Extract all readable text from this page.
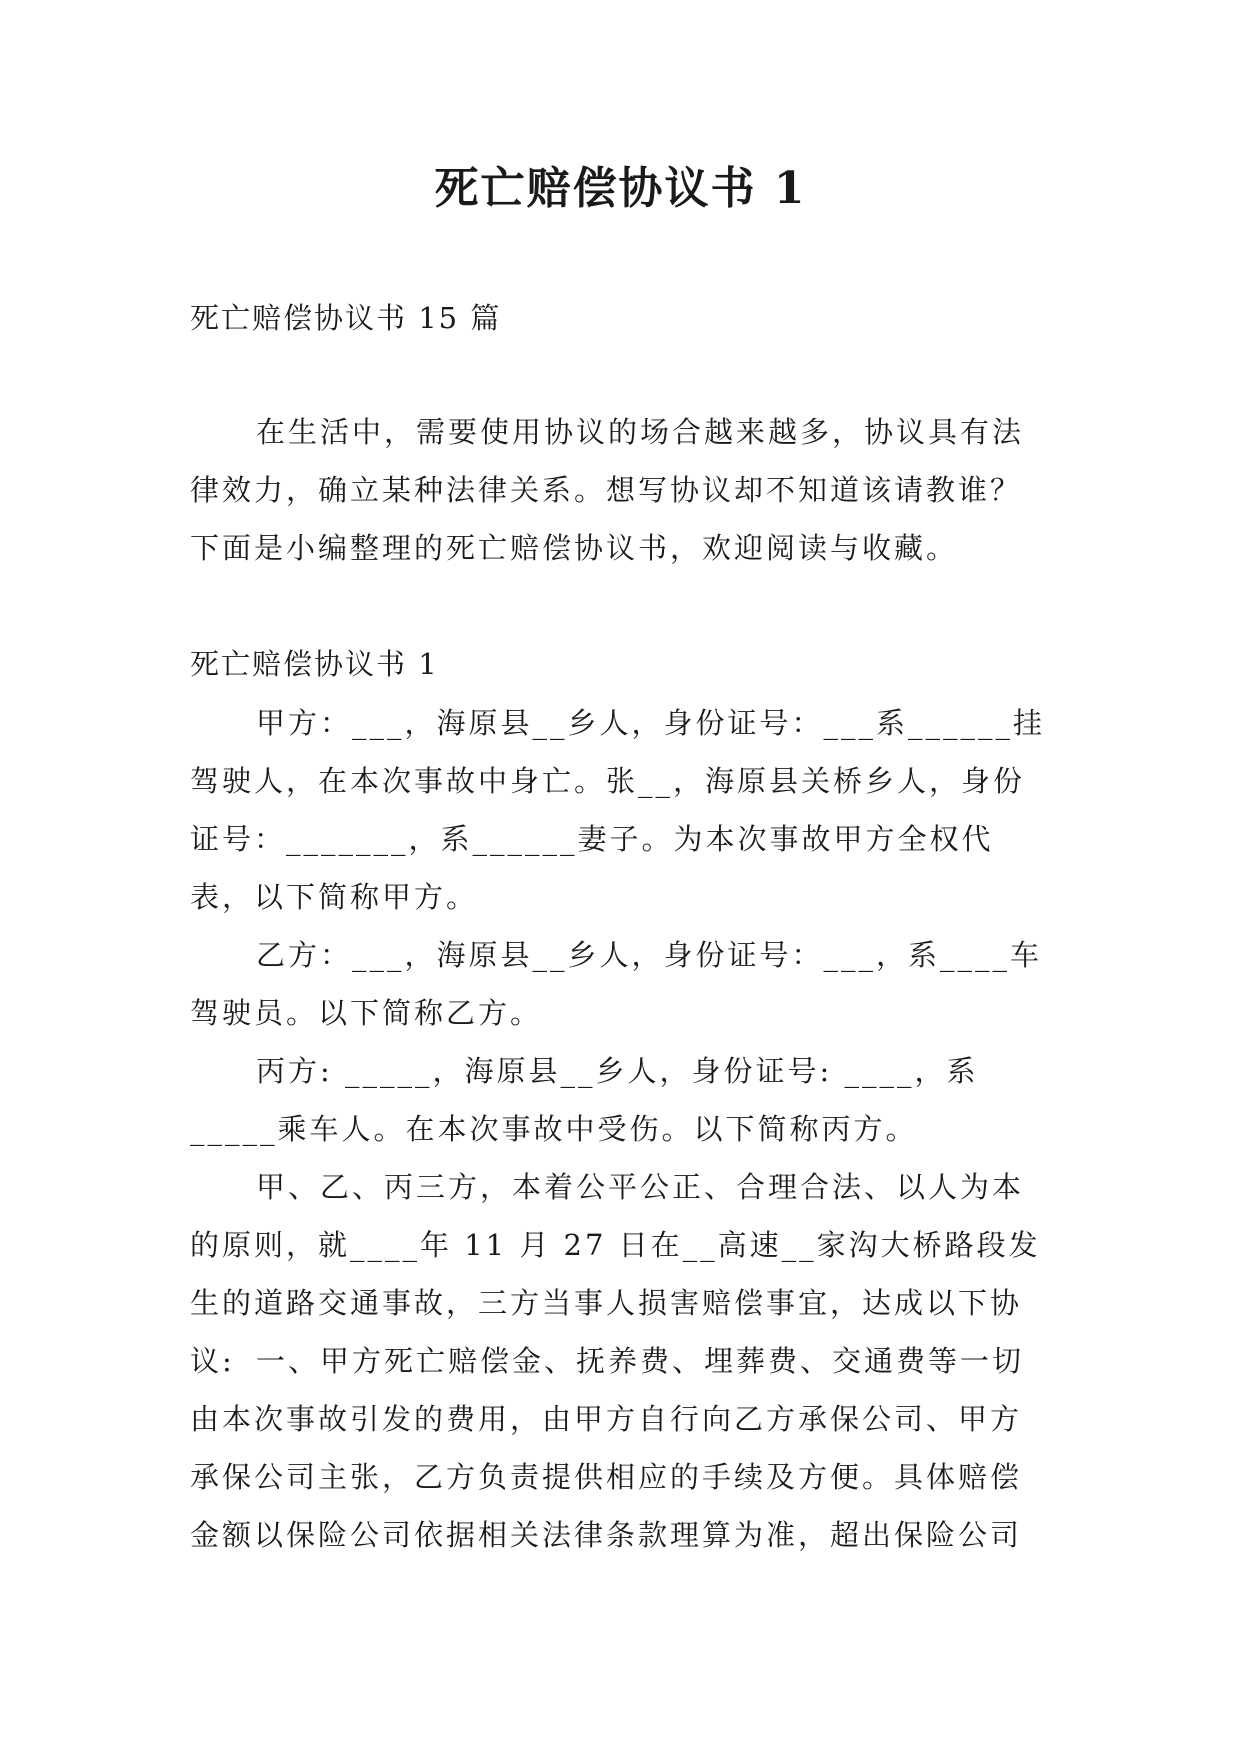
死亡赔偿协议书 1

死亡赔偿协议书 15 篇

在生活中，需要使用协议的场合越来越多，协议具有法律效力，确立某种法律关系。想写协议却不知道该请教谁？下面是小编整理的死亡赔偿协议书，欢迎阅读与收藏。

死亡赔偿协议书 1

甲方：___，海原县__乡人，身份证号：___系______挂驾驶人，在本次事故中身亡。张__，海原县关桥乡人，身份证号：_______，系______妻子。为本次事故甲方全权代表，以下简称甲方。

乙方：___，海原县__乡人，身份证号：___，系____车驾驶员。以下简称乙方。

丙方: _____，海原县__乡人，身份证号: ____，系_____乘车人。在本次事故中受伤。以下简称丙方。

甲、乙、丙三方，本着公平公正、合理合法、以人为本的原则，就____年 11 月 27 日在__高速__家沟大桥路段发生的道路交通事故，三方当事人损害赔偿事宜，达成以下协议: 一、甲方死亡赔偿金、抚养费、埋葬费、交通费等一切由本次事故引发的费用，由甲方自行向乙方承保公司、甲方承保公司主张，乙方负责提供相应的手续及方便。具体赔偿金额以保险公司依据相关法律条款理算为准，超出保险公司
